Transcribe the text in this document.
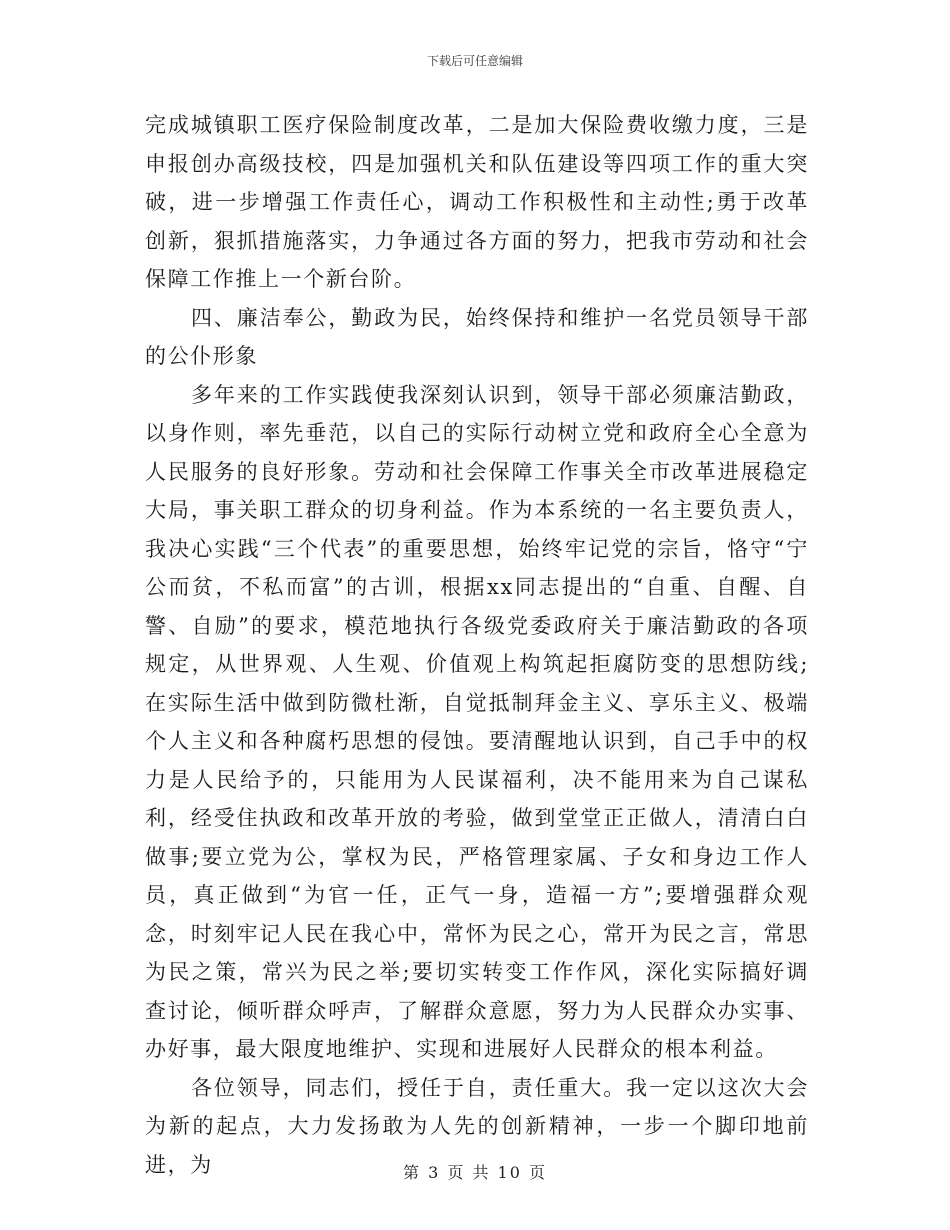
下载后可任意编辑

完成城镇职工医疗保险制度改革，二是加大保险费收缴力度，三是申报创办高级技校，四是加强机关和队伍建设等四项工作的重大突破，进一步增强工作责任心，调动工作积极性和主动性;勇于改革创新，狠抓措施落实，力争通过各方面的努力，把我市劳动和社会保障工作推上一个新台阶。

四、廉洁奉公，勤政为民，始终保持和维护一名党员领导干部的公仆形象

多年来的工作实践使我深刻认识到，领导干部必须廉洁勤政，以身作则，率先垂范，以自己的实际行动树立党和政府全心全意为人民服务的良好形象。劳动和社会保障工作事关全市改革进展稳定大局，事关职工群众的切身利益。作为本系统的一名主要负责人，我决心实践“三个代表”的重要思想，始终牢记党的宗旨，恪守“宁公而贫，不私而富”的古训，根据xx同志提出的“自重、自醒、自警、自励”的要求，模范地执行各级党委政府关于廉洁勤政的各项规定，从世界观、人生观、价值观上构筑起拒腐防变的思想防线;在实际生活中做到防微杜渐，自觉抵制拜金主义、享乐主义、极端个人主义和各种腐朽思想的侵蚀。要清醒地认识到，自己手中的权力是人民给予的，只能用为人民谋福利，决不能用来为自己谋私利，经受住执政和改革开放的考验，做到堂堂正正做人，清清白白做事;要立党为公，掌权为民，严格管理家属、子女和身边工作人员，真正做到“为官一任，正气一身，造福一方”;要增强群众观念，时刻牢记人民在我心中，常怀为民之心，常开为民之言，常思为民之策，常兴为民之举;要切实转变工作作风，深化实际搞好调查讨论，倾听群众呼声，了解群众意愿，努力为人民群众办实事、办好事，最大限度地维护、实现和进展好人民群众的根本利益。

各位领导，同志们，授任于自，责任重大。我一定以这次大会为新的起点，大力发扬敢为人先的创新精神，一步一个脚印地前进，为	第 3 页 共 10 页
